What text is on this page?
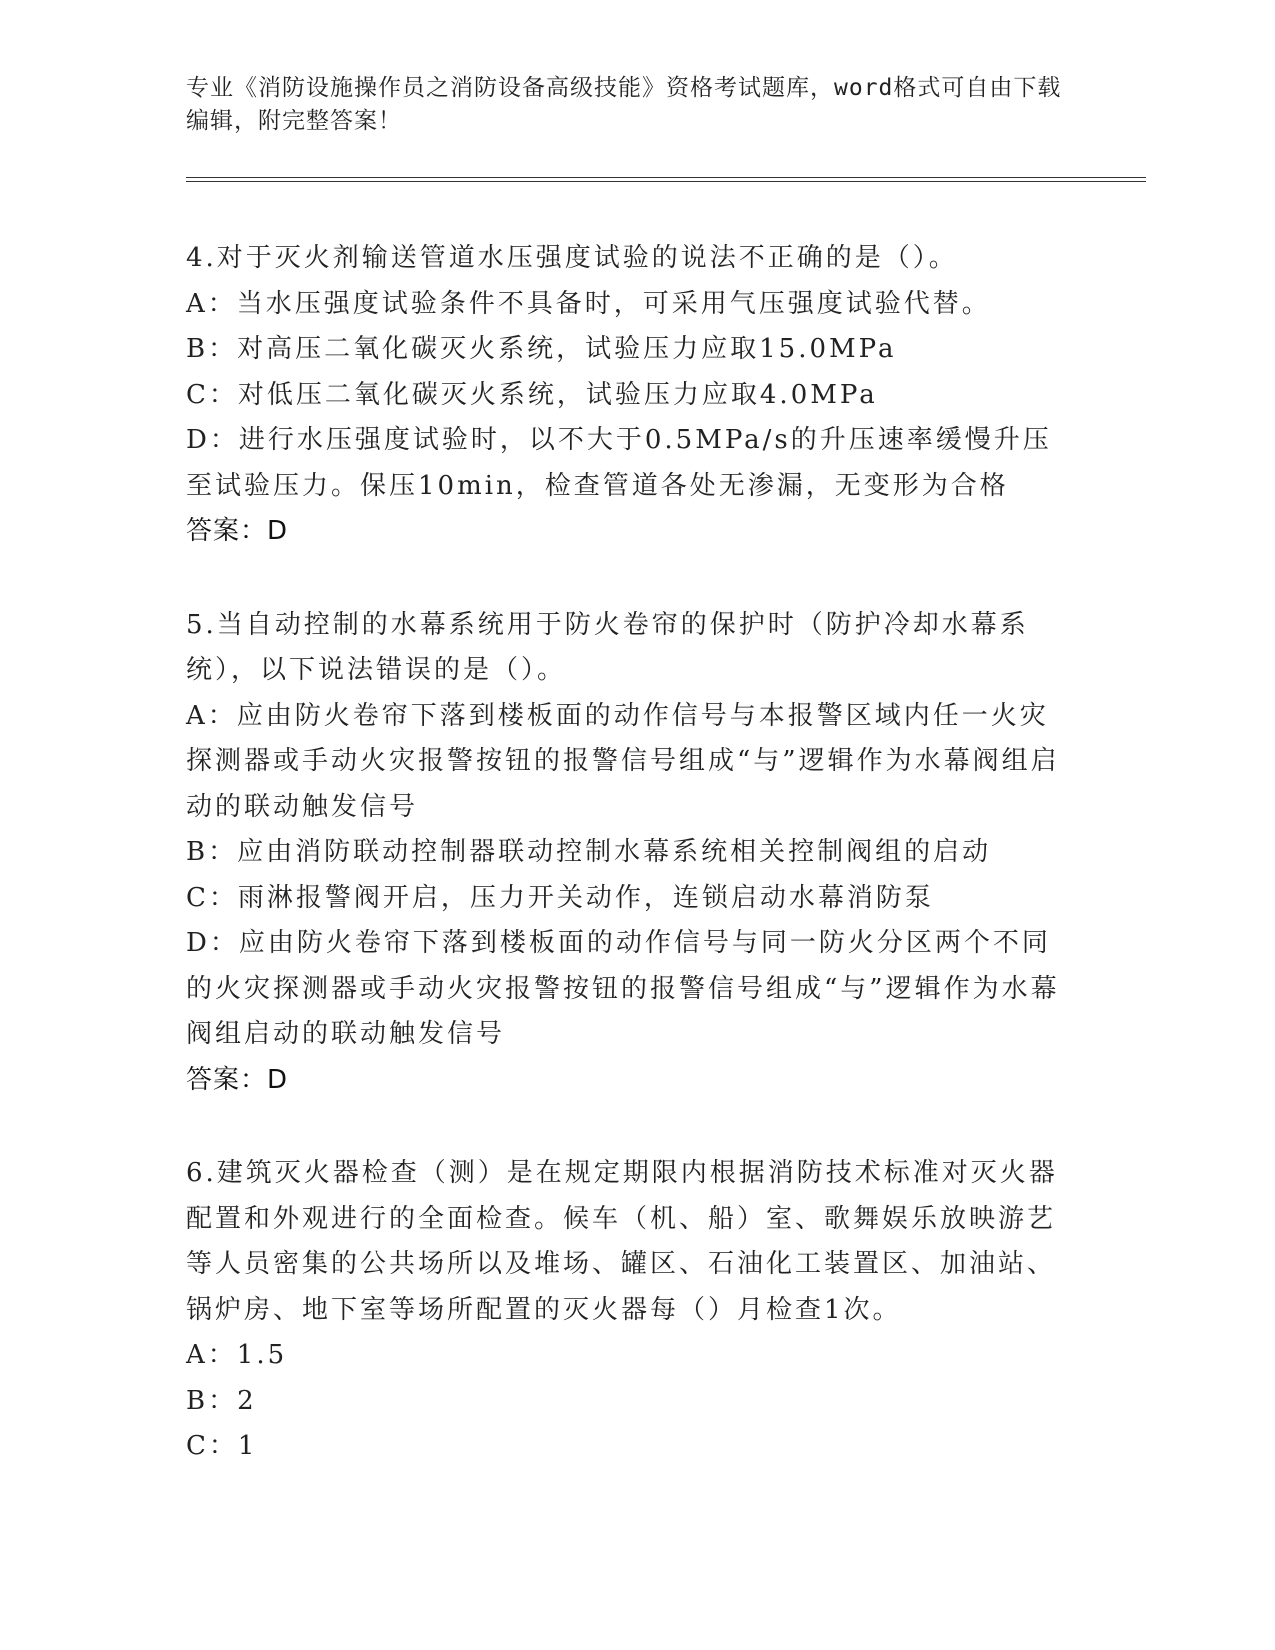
专业《消防设施操作员之消防设备高级技能》资格考试题库，word格式可自由下载编辑，附完整答案！
4.对于灭火剂输送管道水压强度试验的说法不正确的是（）。
A：当水压强度试验条件不具备时，可采用气压强度试验代替。
B：对高压二氧化碳灭火系统，试验压力应取15.0MPa
C：对低压二氧化碳灭火系统，试验压力应取4.0MPa
D：进行水压强度试验时，以不大于0.5MPa/s的升压速率缓慢升压至试验压力。保压10min，检查管道各处无渗漏，无变形为合格
答案：D
5.当自动控制的水幕系统用于防火卷帘的保护时（防护冷却水幕系统），以下说法错误的是（）。
A：应由防火卷帘下落到楼板面的动作信号与本报警区域内任一火灾探测器或手动火灾报警按钮的报警信号组成“与”逻辑作为水幕阀组启动的联动触发信号
B：应由消防联动控制器联动控制水幕系统相关控制阀组的启动
C：雨淋报警阀开启，压力开关动作，连锁启动水幕消防泵
D：应由防火卷帘下落到楼板面的动作信号与同一防火分区两个不同的火灾探测器或手动火灾报警按钮的报警信号组成“与”逻辑作为水幕阀组启动的联动触发信号
答案：D
6.建筑灭火器检查（测）是在规定期限内根据消防技术标准对灭火器配置和外观进行的全面检查。候车（机、船）室、歌舞娱乐放映游艺等人员密集的公共场所以及堆场、罐区、石油化工装置区、加油站、锅炉房、地下室等场所配置的灭火器每（）月检查1次。
A：1.5
B：2
C：1
